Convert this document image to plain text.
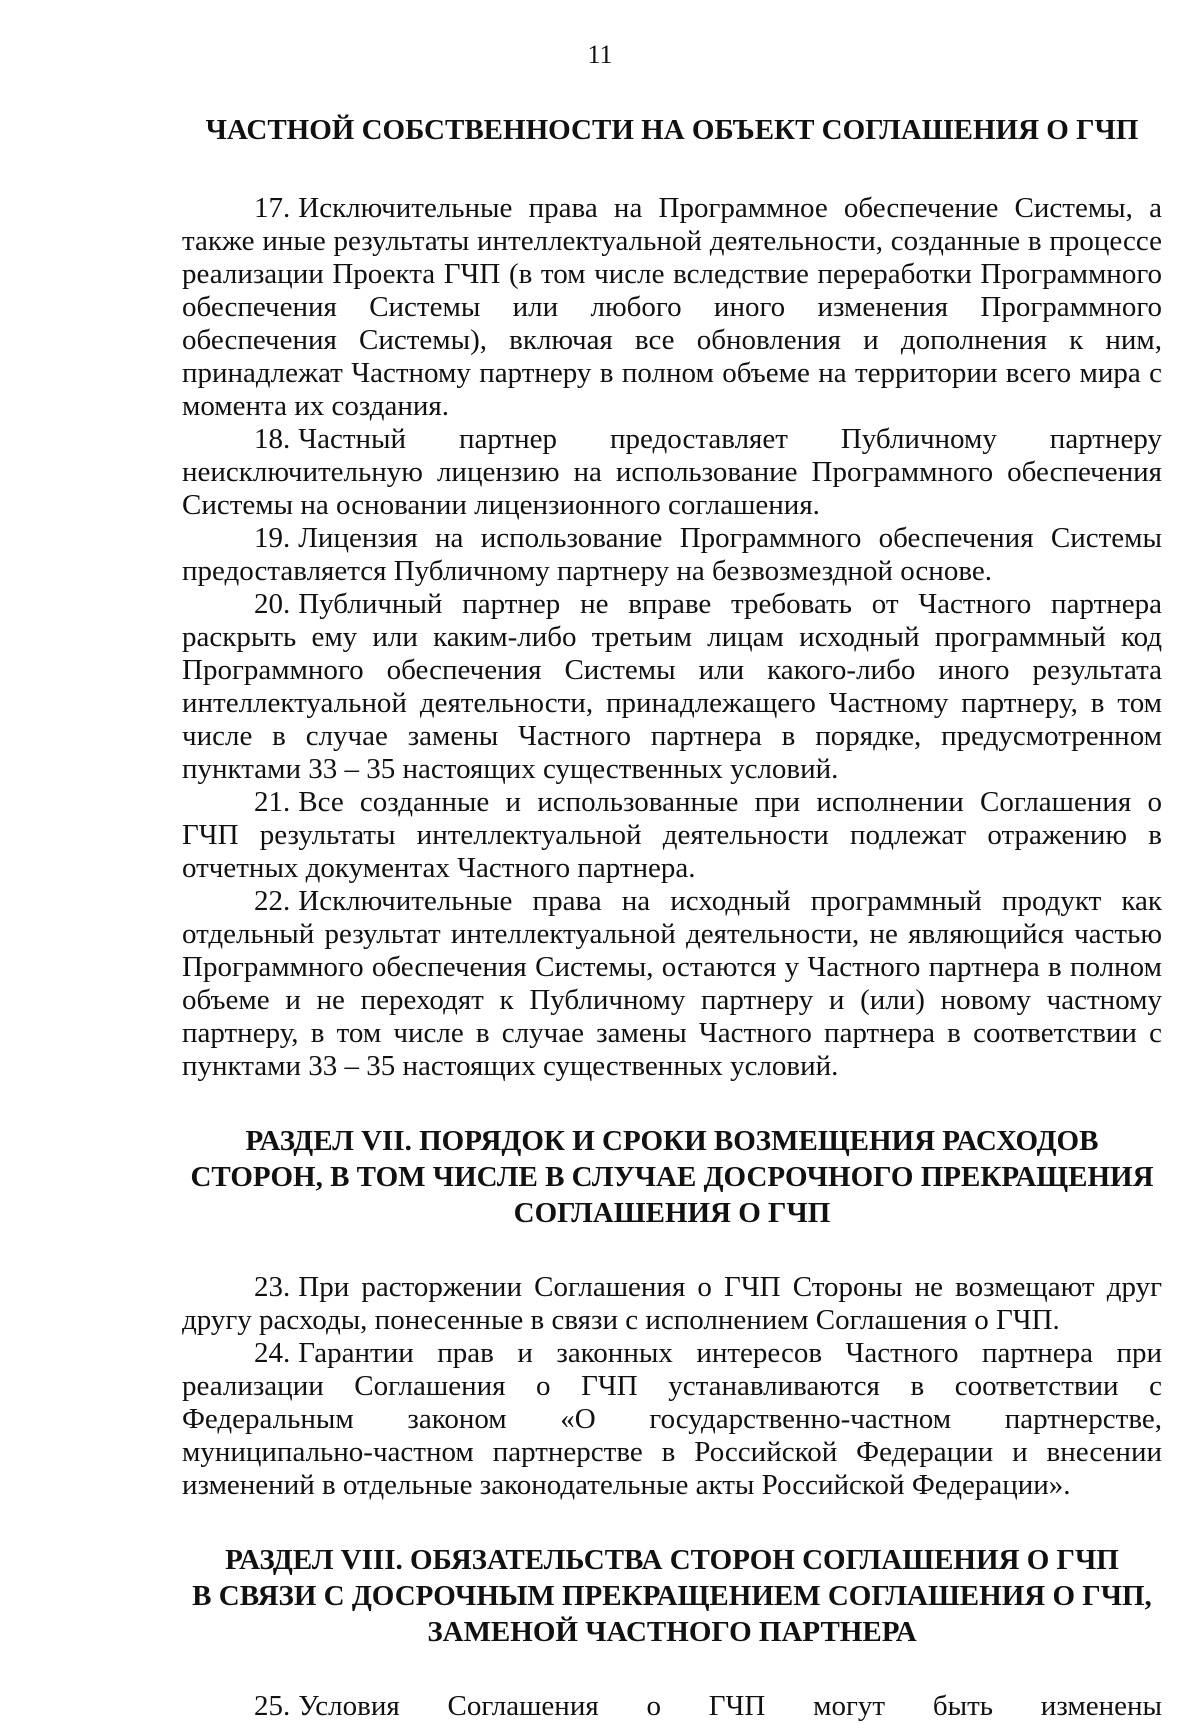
11
ЧАСТНОЙ СОБСТВЕННОСТИ НА ОБЪЕКТ СОГЛАШЕНИЯ О ГЧП

17. Исключительные права на Программное обеспечение Системы, а также иные результаты интеллектуальной деятельности, созданные в процессе реализации Проекта ГЧП (в том числе вследствие переработки Программного обеспечения Системы или любого иного изменения Программного обеспечения Системы), включая все обновления и дополнения к ним, принадлежат Частному партнеру в полном объеме на территории всего мира с момента их создания.

18. Частный партнер предоставляет Публичному партнеру неисключительную лицензию на использование Программного обеспечения Системы на основании лицензионного соглашения.

19. Лицензия на использование Программного обеспечения Системы предоставляется Публичному партнеру на безвозмездной основе.

20. Публичный партнер не вправе требовать от Частного партнера раскрыть ему или каким-либо третьим лицам исходный программный код Программного обеспечения Системы или какого-либо иного результата интеллектуальной деятельности, принадлежащего Частному партнеру, в том числе в случае замены Частного партнера в порядке, предусмотренном пунктами 33 – 35 настоящих существенных условий.

21. Все созданные и использованные при исполнении Соглашения о ГЧП результаты интеллектуальной деятельности подлежат отражению в отчетных документах Частного партнера.

22. Исключительные права на исходный программный продукт как отдельный результат интеллектуальной деятельности, не являющийся частью Программного обеспечения Системы, остаются у Частного партнера в полном объеме и не переходят к Публичному партнеру и (или) новому частному партнеру, в том числе в случае замены Частного партнера в соответствии с пунктами 33 – 35 настоящих существенных условий.

РАЗДЕЛ VII. ПОРЯДОК И СРОКИ ВОЗМЕЩЕНИЯ РАСХОДОВ
СТОРОН, В ТОМ ЧИСЛЕ В СЛУЧАЕ ДОСРОЧНОГО ПРЕКРАЩЕНИЯ
СОГЛАШЕНИЯ О ГЧП

23. При расторжении Соглашения о ГЧП Стороны не возмещают друг другу расходы, понесенные в связи с исполнением Соглашения о ГЧП.

24. Гарантии прав и законных интересов Частного партнера при реализации Соглашения о ГЧП устанавливаются в соответствии с Федеральным законом «О государственно-частном партнерстве, муниципально-частном партнерстве в Российской Федерации и внесении изменений в отдельные законодательные акты Российской Федерации».

РАЗДЕЛ VIII. ОБЯЗАТЕЛЬСТВА СТОРОН СОГЛАШЕНИЯ О ГЧП
В СВЯЗИ С ДОСРОЧНЫМ ПРЕКРАЩЕНИЕМ СОГЛАШЕНИЯ О ГЧП,
ЗАМЕНОЙ ЧАСТНОГО ПАРТНЕРА

25. Условия Соглашения о ГЧП могут быть изменены
